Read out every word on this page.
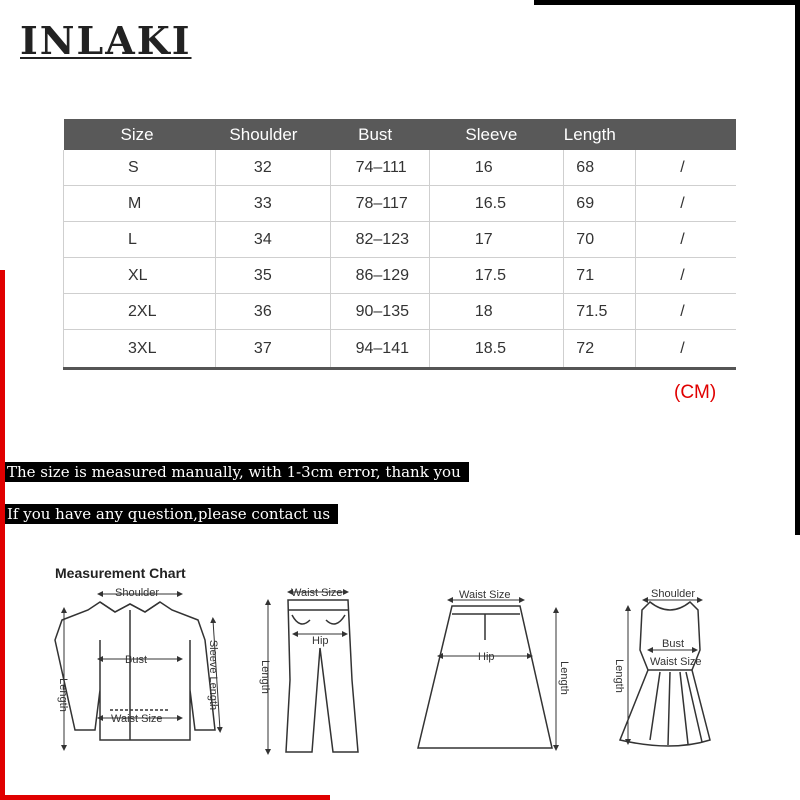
INLAKI
Size	Shoulder	Bust	Sleeve	Length	
S	32	74–111	16	68	/
M	33	78–117	16.5	69	/
L	34	82–123	17	70	/
XL	35	86–129	17.5	71	/
2XL	36	90–135	18	71.5	/
3XL	37	94–141	18.5	72	/
(CM)
The size is measured manually, with 1-3cm error, thank you
If you have any question,please contact us
Measurement Chart
Shoulder
Bust
Waist Size
Length	Sleeve Length
Waist Size
Hip
Length
Waist Size
Hip
Length
Shoulder
Bust
Waist Size
Length
